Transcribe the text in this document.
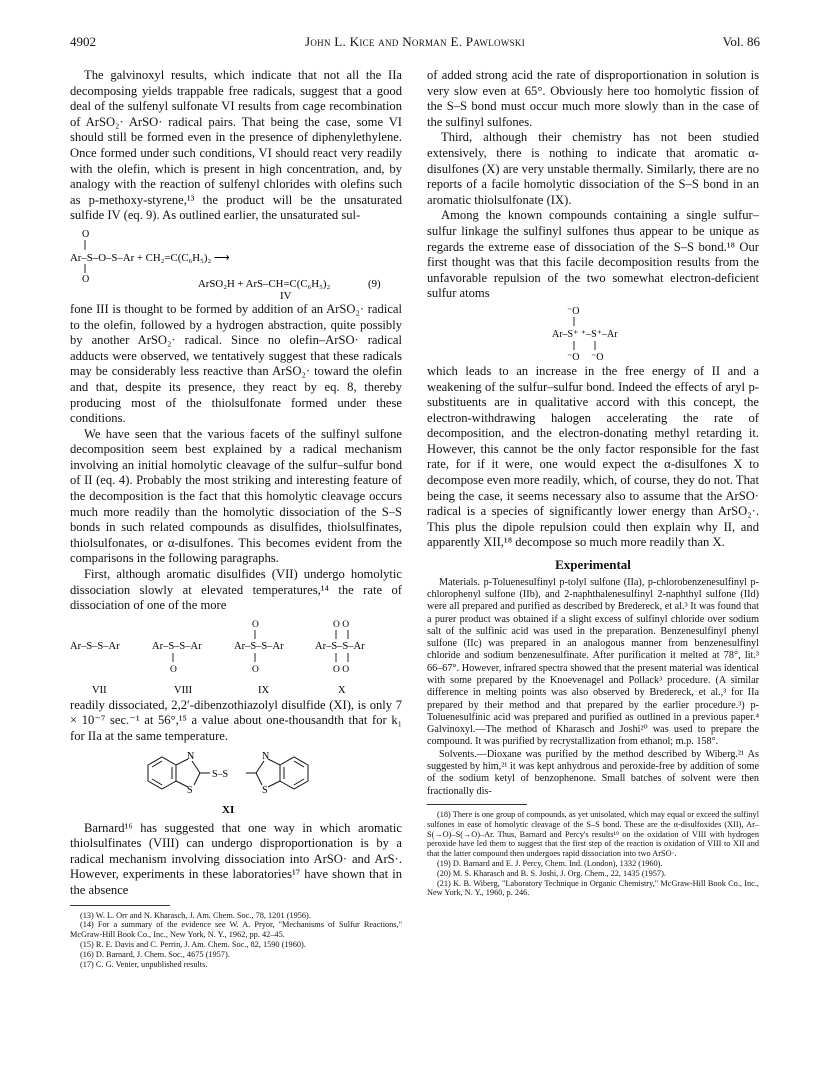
4902	John L. Kice and Norman E. Pawlowski	Vol. 86

The galvinoxyl results, which indicate that not all the IIa decomposing yields trappable free radicals, suggest that a good deal of the sulfenyl sulfonate VI results from cage recombination of ArSO₂· ArSO· radical pairs. That being the case, some VI should still be formed even in the presence of diphenylethylene. Once formed under such conditions, VI should react very readily with the olefin, which is present in high concentration, and, by analogy with the reaction of sulfenyl chlorides with olefins such as p-methoxy-styrene,¹³ the product will be the unsaturated sulfide IV (eq. 9). As outlined earlier, the unsaturated sul-

O
Ar–S–O–S–Ar + CH₂=C(C₆H₅)₂ ⟶
O	ArSO₂H + ArS–CH=C(C₆H₅)₂	(9)
IV

fone III is thought to be formed by addition of an ArSO₂· radical to the olefin, followed by a hydrogen abstraction, quite possibly by another ArSO₂· radical. Since no olefin–ArSO· radical adducts were observed, we tentatively suggest that these radicals may be considerably less reactive than ArSO₂· toward the olefin and that, despite its presence, they react by eq. 8, thereby producing most of the thiolsulfonate formed under these conditions.

We have seen that the various facets of the sulfinyl sulfone decomposition seem best explained by a radical mechanism involving an initial homolytic cleavage of the sulfur–sulfur bond of II (eq. 4). Probably the most striking and interesting feature of the decomposition is the fact that this homolytic cleavage occurs much more readily than the homolytic dissociation of the S–S bonds in such related compounds as disulfides, thiolsulfinates, thiolsulfonates, or α-disulfones. This becomes evident from the comparisons in the following paragraphs.

First, although aromatic disulfides (VII) undergo homolytic dissociation slowly at elevated temperatures,¹⁴ the rate of dissociation of one of the more

Ar–S–S–Ar
VII
Ar–S–S–Ar
O
VIII
O
Ar–S–S–Ar
O
IX
O O
Ar–S–S–Ar
O O
X

readily dissociated, 2,2′-dibenzothiazolyl disulfide (XI), is only 7 × 10⁻⁷ sec.⁻¹ at 56°,¹⁵ a value about one-thousandth that for k₁ for IIa at the same temperature.

N
S
S–S
N
S
XI

Barnard¹⁶ has suggested that one way in which aromatic thiolsulfinates (VIII) can undergo disproportionation is by a radical mechanism involving dissociation into ArSO· and ArS·. However, experiments in these laboratories¹⁷ have shown that in the absence

(13) W. L. Orr and N. Kharasch, J. Am. Chem. Soc., 78, 1201 (1956).
(14) For a summary of the evidence see W. A. Pryor, "Mechanisms of Sulfur Reactions," McGraw-Hill Book Co., Inc., New York, N. Y., 1962, pp. 42–45.
(15) R. E. Davis and C. Perrin, J. Am. Chem. Soc., 82, 1590 (1960).
(16) D. Barnard, J. Chem. Soc., 4675 (1957).
(17) C. G. Venier, unpublished results.

of added strong acid the rate of disproportionation in solution is very slow even at 65°. Obviously here too homolytic fission of the S–S bond must occur much more slowly than in the case of the sulfinyl sulfones.

Third, although their chemistry has not been studied extensively, there is nothing to indicate that aromatic α-disulfones (X) are very unstable thermally. Similarly, there are no reports of a facile homolytic dissociation of the S–S bond in an aromatic thiolsulfonate (IX).

Among the known compounds containing a single sulfur–sulfur linkage the sulfinyl sulfones thus appear to be unique as regards the extreme ease of dissociation of the S–S bond.¹⁸ Our first thought was that this facile decomposition results from the unfavorable repulsion of the two somewhat electron-deficient sulfur atoms

⁻O
Ar–S⁺ ⁺–S⁺–Ar
⁻O ⁻O

which leads to an increase in the free energy of II and a weakening of the sulfur–sulfur bond. Indeed the effects of aryl p-substituents are in qualitative accord with this concept, the electron-withdrawing halogen accelerating the rate of decomposition, and the electron-donating methyl retarding it. However, this cannot be the only factor responsible for the fast rate, for if it were, one would expect the α-disulfones X to decompose even more readily, which, of course, they do not. That being the case, it seems necessary also to assume that the ArSO· radical is a species of significantly lower energy than ArSO₂·. This plus the dipole repulsion could then explain why II, and apparently XII,¹⁸ decompose so much more readily than X.

Experimental

Materials. p-Toluenesulfinyl p-tolyl sulfone (IIa), p-chlorobenzenesulfinyl p-chlorophenyl sulfone (IIb), and 2-naphthalenesulfinyl 2-naphthyl sulfone (IId) were all prepared and purified as described by Bredereck, et al.³ It was found that a purer product was obtained if a slight excess of sulfinyl chloride over sodium salt of the sulfinic acid was used in the preparation. Benzenesulfinyl phenyl sulfone (IIc) was prepared in an analogous manner from benzenesulfinyl chloride and sodium benzenesulfinate. After purification it melted at 78°, lit.³ 66–67°. However, infrared spectra showed that the present material was identical with some prepared by the Knoevenagel and Pollack³ procedure. (A similar difference in melting points was also observed by Bredereck, et al.,³ for IIa prepared by their method and that prepared by the earlier procedure.³) p-Toluenesulfinic acid was prepared and purified as outlined in a previous paper.⁴ Galvinoxyl.—The method of Kharasch and Joshi²⁰ was used to prepare the compound. It was purified by recrystallization from ethanol; m.p. 158°.

Solvents.—Dioxane was purified by the method described by Wiberg.²¹ As suggested by him,²¹ it was kept anhydrous and peroxide-free by addition of some of the sodium ketyl of benzophenone. Small batches of solvent were then fractionally dis-

(18) There is one group of compounds, as yet unisolated, which may equal or exceed the sulfinyl sulfones in ease of homolytic cleavage of the S–S bond. These are the α-disulfoxides (XII), Ar–S(→O)–S(→O)–Ar. Thus, Barnard and Percy's results¹⁹ on the oxidation of VIII with hydrogen peroxide have led them to suggest that the first step of the reaction is oxidation of VIII to XII and that the latter compound then undergoes rapid dissociation into two ArSO·.
(19) D. Barnard and E. J. Percy, Chem. Ind. (London), 1332 (1960).
(20) M. S. Kharasch and B. S. Joshi, J. Org. Chem., 22, 1435 (1957).
(21) K. B. Wiberg, "Laboratory Technique in Organic Chemistry," McGraw-Hill Book Co., Inc., New York, N. Y., 1960, p. 246.
